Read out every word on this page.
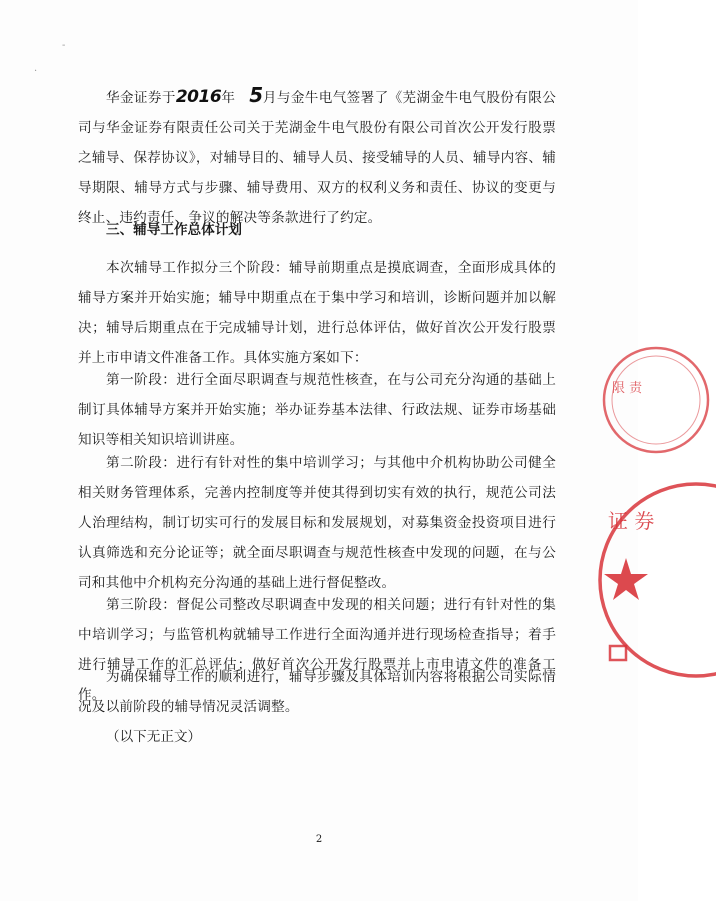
-
·
华金证券于2016年 5月与金牛电气签署了《芜湖金牛电气股份有限公司与华金证券有限责任公司关于芜湖金牛电气股份有限公司首次公开发行股票之辅导、保荐协议》，对辅导目的、辅导人员、接受辅导的人员、辅导内容、辅导期限、辅导方式与步骤、辅导费用、双方的权利义务和责任、协议的变更与终止、违约责任、争议的解决等条款进行了约定。
三、辅导工作总体计划
本次辅导工作拟分三个阶段：辅导前期重点是摸底调查，全面形成具体的辅导方案并开始实施；辅导中期重点在于集中学习和培训，诊断问题并加以解决；辅导后期重点在于完成辅导计划，进行总体评估，做好首次公开发行股票并上市申请文件准备工作。具体实施方案如下：
第一阶段：进行全面尽职调查与规范性核查，在与公司充分沟通的基础上制订具体辅导方案并开始实施；举办证券基本法律、行政法规、证券市场基础知识等相关知识培训讲座。
第二阶段：进行有针对性的集中培训学习；与其他中介机构协助公司健全相关财务管理体系，完善内控制度等并使其得到切实有效的执行，规范公司法人治理结构，制订切实可行的发展目标和发展规划，对募集资金投资项目进行认真筛选和充分论证等；就全面尽职调查与规范性核查中发现的问题，在与公司和其他中介机构充分沟通的基础上进行督促整改。
第三阶段：督促公司整改尽职调查中发现的相关问题；进行有针对性的集中培训学习；与监管机构就辅导工作进行全面沟通并进行现场检查指导；着手进行辅导工作的汇总评估；做好首次公开发行股票并上市申请文件的准备工作。
为确保辅导工作的顺利进行，辅导步骤及具体培训内容将根据公司实际情况及以前阶段的辅导情况灵活调整。
（以下无正文）
2
限 责
证 券
